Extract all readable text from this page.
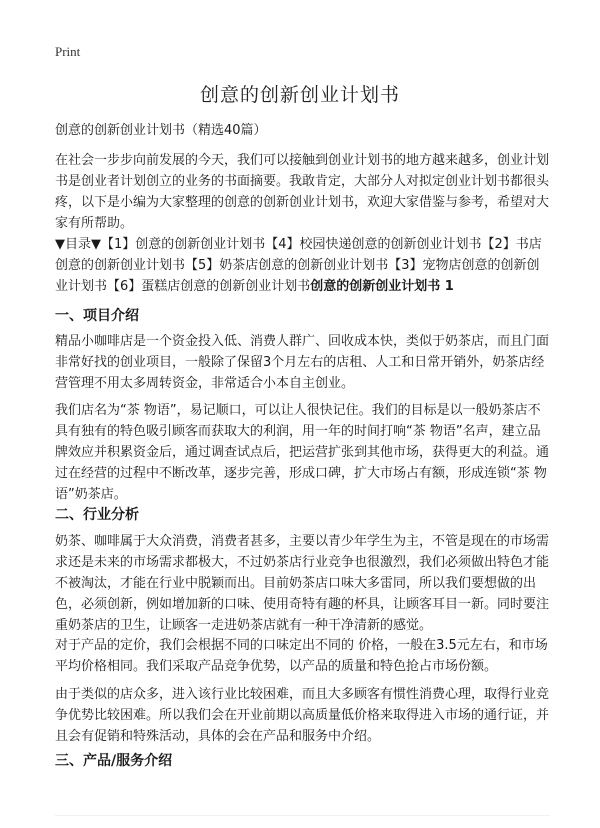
Print
创意的创新创业计划书
创意的创新创业计划书（精选40篇）
在社会一步步向前发展的今天，我们可以接触到创业计划书的地方越来越多，创业计划书是创业者计划创立的业务的书面摘要。我敢肯定，大部分人对拟定创业计划书都很头疼，以下是小编为大家整理的创意的创新创业计划书，欢迎大家借鉴与参考，希望对大家有所帮助。
▼目录▼【1】创意的创新创业计划书【4】校园快递创意的创新创业计划书【2】书店创意的创新创业计划书【5】奶茶店创意的创新创业计划书【3】宠物店创意的创新创业计划书【6】蛋糕店创意的创新创业计划书创意的创新创业计划书 1
一、项目介绍
精品小咖啡店是一个资金投入低、消费人群广、回收成本快，类似于奶茶店，而且门面非常好找的创业项目，一般除了保留3个月左右的店租、人工和日常开销外，奶茶店经营管理不用太多周转资金，非常适合小本自主创业。
我们店名为“茶 物语”，易记顺口，可以让人很快记住。我们的目标是以一般奶茶店不具有独有的特色吸引顾客而获取大的利润，用一年的时间打响“茶 物语”名声，建立品牌效应并积累资金后，通过调查试点后，把运营扩张到其他市场，获得更大的利益。通过在经营的过程中不断改革，逐步完善，形成口碑，扩大市场占有额，形成连锁“茶 物语”奶茶店。
二、行业分析
奶茶、咖啡属于大众消费，消费者甚多，主要以青少年学生为主，不管是现在的市场需求还是未来的市场需求都极大，不过奶茶店行业竞争也很激烈，我们必须做出特色才能不被淘汰，才能在行业中脱颖而出。目前奶茶店口味大多雷同，所以我们要想做的出色，必须创新，例如增加新的口味、使用奇特有趣的杯具，让顾客耳目一新。同时要注重奶茶店的卫生，让顾客一走进奶茶店就有一种干净清新的感觉。
对于产品的定价，我们会根据不同的口味定出不同的 价格，一般在3.5元左右，和市场平均价格相同。我们采取产品竞争优势，以产品的质量和特色抢占市场份额。
由于类似的店众多，进入该行业比较困难，而且大多顾客有惯性消费心理，取得行业竞争优势比较困难。所以我们会在开业前期以高质量低价格来取得进入市场的通行证，并且会有促销和特殊活动，具体的会在产品和服务中介绍。
三、产品/服务介绍
